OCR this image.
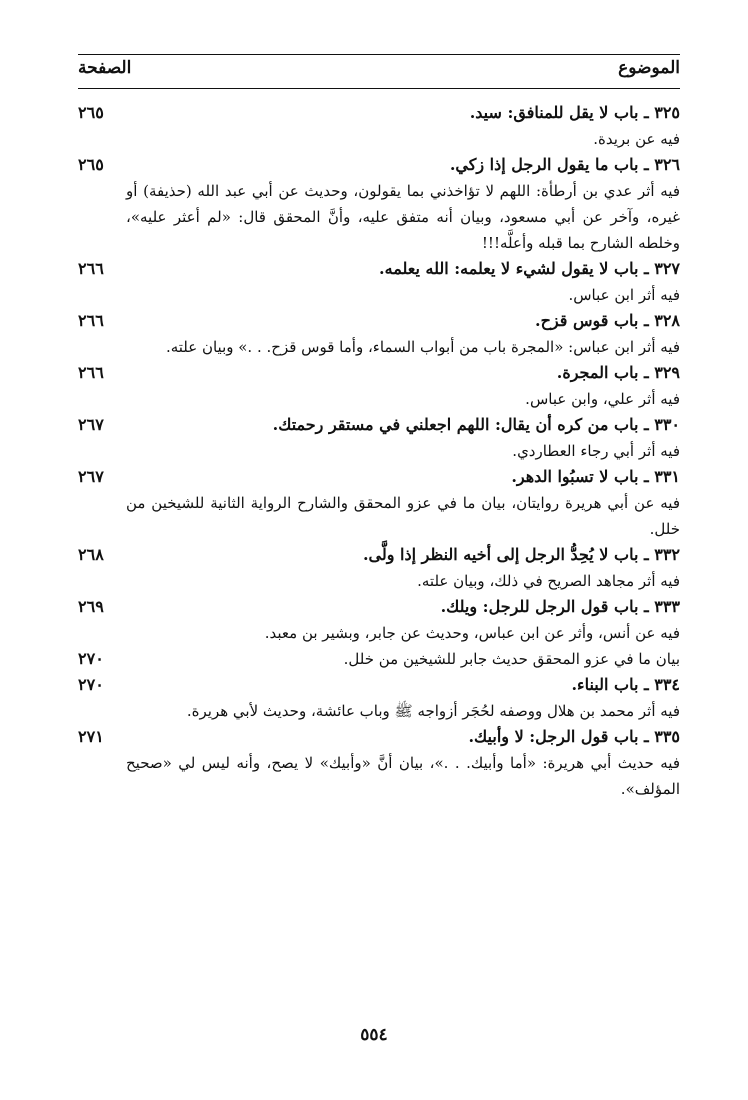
الصفحة	الموضوع
٢٦٥	٣٢٥ ـ باب لا يقل للمنافق: سيد.
فيه عن بريدة.
٢٦٥	٣٢٦ ـ باب ما يقول الرجل إذا زكي.
فيه أثر عدي بن أرطأة: اللهم لا تؤاخذني بما يقولون، وحديث عن أبي عبد الله (حذيفة) أو غيره، وآخر عن أبي مسعود، وبيان أنه متفق عليه، وأنَّ المحقق قال: «لم أعثر عليه»، وخلطه الشارح بما قبله وأعلَّه!!!
٢٦٦	٣٢٧ ـ باب لا يقول لشيء لا يعلمه: الله يعلمه.
فيه أثر ابن عباس.
٢٦٦	٣٢٨ ـ باب قوس قزح.
فيه أثر ابن عباس: «المجرة باب من أبواب السماء، وأما قوس قزح. . .» وبيان علته.
٢٦٦	٣٢٩ ـ باب المجرة.
فيه أثر علي، وابن عباس.
٢٦٧	٣٣٠ ـ باب من كره أن يقال: اللهم اجعلني في مستقر رحمتك.
فيه أثر أبي رجاء العطاردي.
٢٦٧	٣٣١ ـ باب لا تسبُوا الدهر.
فيه عن أبي هريرة روايتان، بيان ما في عزو المحقق والشارح الرواية الثانية للشيخين من خلل.
٢٦٨	٣٣٢ ـ باب لا يُحِدُّ الرجل إلى أخيه النظر إذا ولَّى.
فيه أثر مجاهد الصريح في ذلك، وبيان علته.
٢٦٩	٣٣٣ ـ باب قول الرجل للرجل: ويلك.
فيه عن أنس، وأثر عن ابن عباس، وحديث عن جابر، وبشير بن معبد.
٢٧٠	بيان ما في عزو المحقق حديث جابر للشيخين من خلل.
٢٧٠	٣٣٤ ـ باب البناء.
فيه أثر محمد بن هلال ووصفه لحُجَر أزواجه ﷺ وباب عائشة، وحديث لأبي هريرة.
٢٧١	٣٣٥ ـ باب قول الرجل: لا وأبيك.
فيه حديث أبي هريرة: «أما وأبيك. . .»، بيان أنَّ «وأبيك» لا يصح، وأنه ليس لي «صحيح المؤلف».
٥٥٤
